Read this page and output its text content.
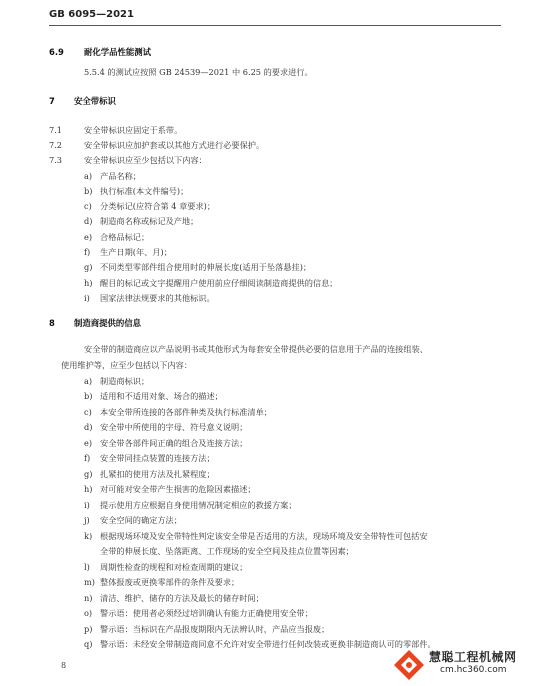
GB 6095—2021
6.9 耐化学品性能测试
5.5.4 的测试应按照 GB 24539—2021 中 6.25 的要求进行。
7 安全带标识
7.1	安全带标识应固定于系带。
7.2	安全带标识应加护套或以其他方式进行必要保护。
7.3	安全带标识应至少包括以下内容：
a) 产品名称；
b) 执行标准(本文件编号)；
c) 分类标记(应符合第 4 章要求)；
d) 制造商名称或标记及产地；
e) 合格品标记；
f) 生产日期(年、月)；
g) 不同类型零部件组合使用时的伸展长度(适用于坠落悬挂)；
h) 醒目的标记或文字提醒用户使用前应仔细阅读制造商提供的信息；
i) 国家法律法规要求的其他标识。
8 制造商提供的信息
安全带的制造商应以产品说明书或其他形式为每套安全带提供必要的信息用于产品的连接组装、
使用维护等，应至少包括以下内容：
a) 制造商标识；
b) 适用和不适用对象、场合的描述；
c) 本安全带所连接的各部件种类及执行标准清单；
d) 安全带中所使用的字母、符号意义说明；
e) 安全带各部件间正确的组合及连接方法；
f) 安全带同挂点装置的连接方法；
g) 扎紧扣的使用方法及扎紧程度；
h) 对可能对安全带产生损害的危险因素描述；
i) 提示使用方应根据自身使用情况制定相应的救援方案；
j) 安全空间的确定方法；
k) 根据现场环境及安全带特性判定该安全带是否适用的方法，现场环境及安全带特性可包括安
全带的伸展长度、坠落距离、工作现场的安全空间及挂点位置等因素；
l) 周期性检查的规程和对检查周期的建议；
m) 整体报废或更换零部件的条件及要求；
n) 清洁、维护、储存的方法及最长的储存时间；
o) 警示语：使用者必须经过培训确认有能力正确使用安全带；
p) 警示语：当标识在产品报废期限内无法辨认时，产品应当报废；
q) 警示语：未经安全带制造商同意不允许对安全带进行任何改装或更换非制造商认可的零部件。
8
慧聪工程机械网
cm.hc360.com
